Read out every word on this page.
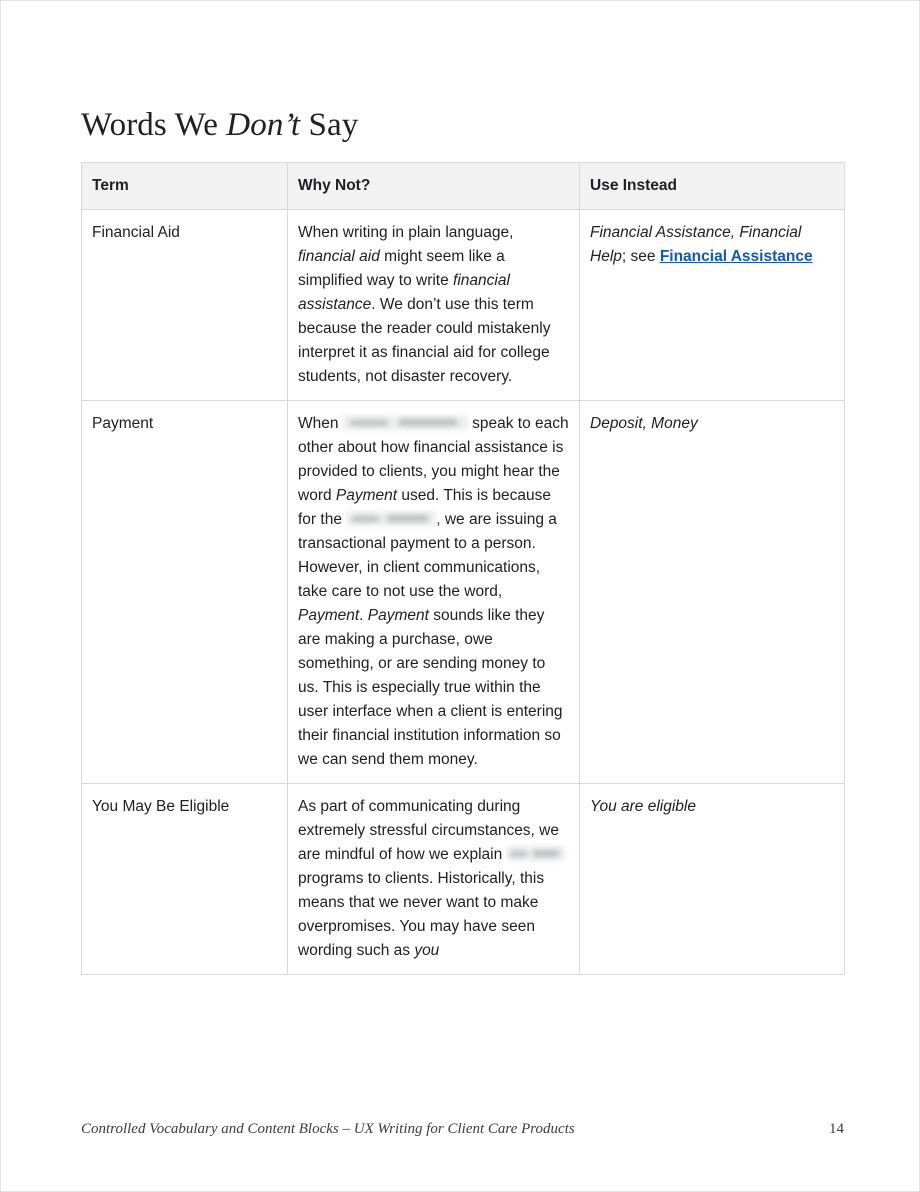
Words We Don’t Say
Term	Why Not?	Use Instead

Financial Aid	When writing in plain language, financial aid might seem like a simplified way to write financial assistance. We don’t use this term because the reader could mistakenly interpret it as financial aid for college students, not disaster recovery.	Financial Assistance, Financial Help; see Financial Assistance

Payment	When speak to each other about how financial assistance is provided to clients, you might hear the word Payment used. This is because for the , we are issuing a transactional payment to a person. However, in client communications, take care to not use the word, Payment. Payment sounds like they are making a purchase, owe something, or are sending money to us. This is especially true within the user interface when a client is entering their financial institution information so we can send them money.	Deposit, Money

You May Be Eligible	As part of communicating during extremely stressful circumstances, we are mindful of how we explain  programs to clients. Historically, this means that we never want to make overpromises. You may have seen wording such as you	You are eligible

Controlled Vocabulary and Content Blocks – UX Writing for Client Care Products	14
